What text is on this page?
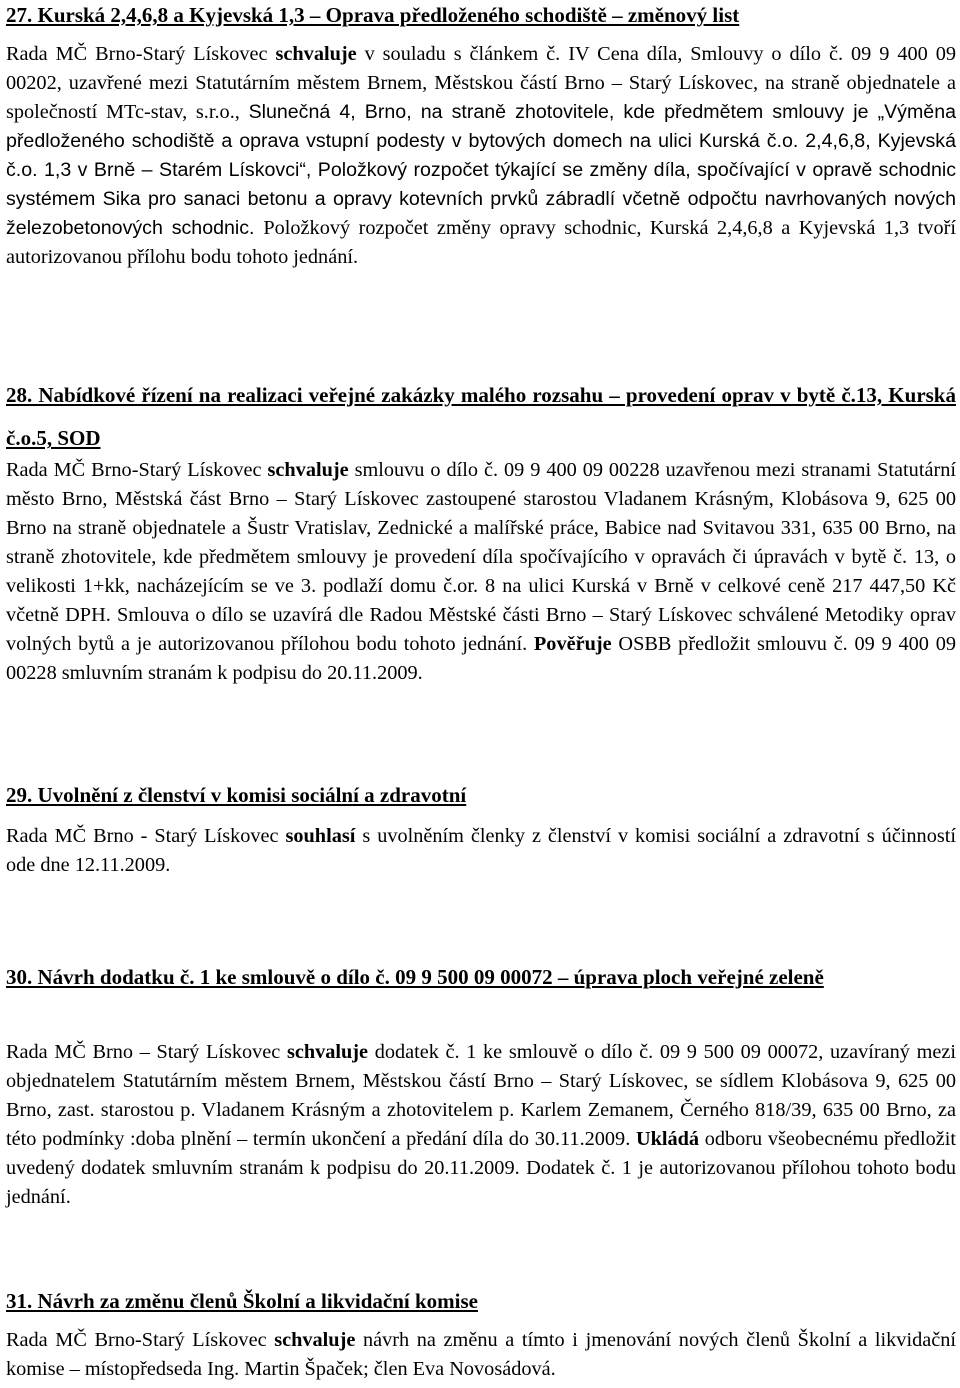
27. Kurská 2,4,6,8 a Kyjevská 1,3 – Oprava předloženého schodiště – změnový list

Rada MČ Brno-Starý Lískovec schvaluje v souladu s článkem č. IV Cena díla, Smlouvy o dílo č. 09 9 400 09 00202, uzavřené mezi Statutárním městem Brnem, Městskou částí Brno – Starý Lískovec, na straně objednatele a společností MTc-stav, s.r.o., Slunečná 4, Brno, na straně zhotovitele, kde předmětem smlouvy je „Výměna předloženého schodiště a oprava vstupní podesty v bytových domech na ulici Kurská č.o. 2,4,6,8, Kyjevská č.o. 1,3 v Brně – Starém Lískovci“, Položkový rozpočet týkající se změny díla, spočívající v opravě schodnic systémem Sika pro sanaci betonu a opravy kotevních prvků zábradlí včetně odpočtu navrhovaných nových železobetonových schodnic. Položkový rozpočet změny opravy schodnic, Kurská 2,4,6,8 a Kyjevská 1,3 tvoří autorizovanou přílohu bodu tohoto jednání.

28. Nabídkové řízení na realizaci veřejné zakázky malého rozsahu – provedení oprav v bytě č.13, Kurská č.o.5, SOD

Rada MČ Brno-Starý Lískovec schvaluje smlouvu o dílo č. 09 9 400 09 00228 uzavřenou mezi stranami Statutární město Brno, Městská část Brno – Starý Lískovec zastoupené starostou Vladanem Krásným, Klobásova 9, 625 00 Brno na straně objednatele a Šustr Vratislav, Zednické a malířské práce, Babice nad Svitavou 331, 635 00 Brno, na straně zhotovitele, kde předmětem smlouvy je provedení díla spočívajícího v opravách či úpravách v bytě č. 13, o velikosti 1+kk, nacházejícím se ve 3. podlaží domu č.or. 8 na ulici Kurská v Brně v celkové ceně 217 447,50 Kč včetně DPH. Smlouva o dílo se uzavírá dle Radou Městské části Brno – Starý Lískovec schválené Metodiky oprav volných bytů a je autorizovanou přílohou bodu tohoto jednání. Pověřuje OSBB předložit smlouvu č. 09 9 400 09 00228 smluvním stranám k podpisu do 20.11.2009.

29. Uvolnění z členství v komisi sociální a zdravotní

Rada MČ Brno - Starý Lískovec souhlasí s uvolněním členky z členství v komisi sociální a zdravotní s účinností ode dne 12.11.2009.

30. Návrh dodatku č. 1 ke smlouvě o dílo č. 09 9 500 09 00072 – úprava ploch veřejné zeleně

Rada MČ Brno – Starý Lískovec schvaluje dodatek č. 1 ke smlouvě o dílo č. 09 9 500 09 00072, uzavíraný mezi objednatelem Statutárním městem Brnem, Městskou částí Brno – Starý Lískovec, se sídlem Klobásova 9, 625 00 Brno, zast. starostou p. Vladanem Krásným a zhotovitelem p. Karlem Zemanem, Černého 818/39, 635 00 Brno, za této podmínky :doba plnění – termín ukončení a předání díla do 30.11.2009. Ukládá odboru všeobecnému předložit uvedený dodatek smluvním stranám k podpisu do 20.11.2009. Dodatek č. 1 je autorizovanou přílohou tohoto bodu jednání.

31. Návrh za změnu členů Školní a likvidační komise

Rada MČ Brno-Starý Lískovec schvaluje návrh na změnu a tímto i jmenování nových členů Školní a likvidační komise – místopředseda Ing. Martin Špaček; člen Eva Novosádová.
